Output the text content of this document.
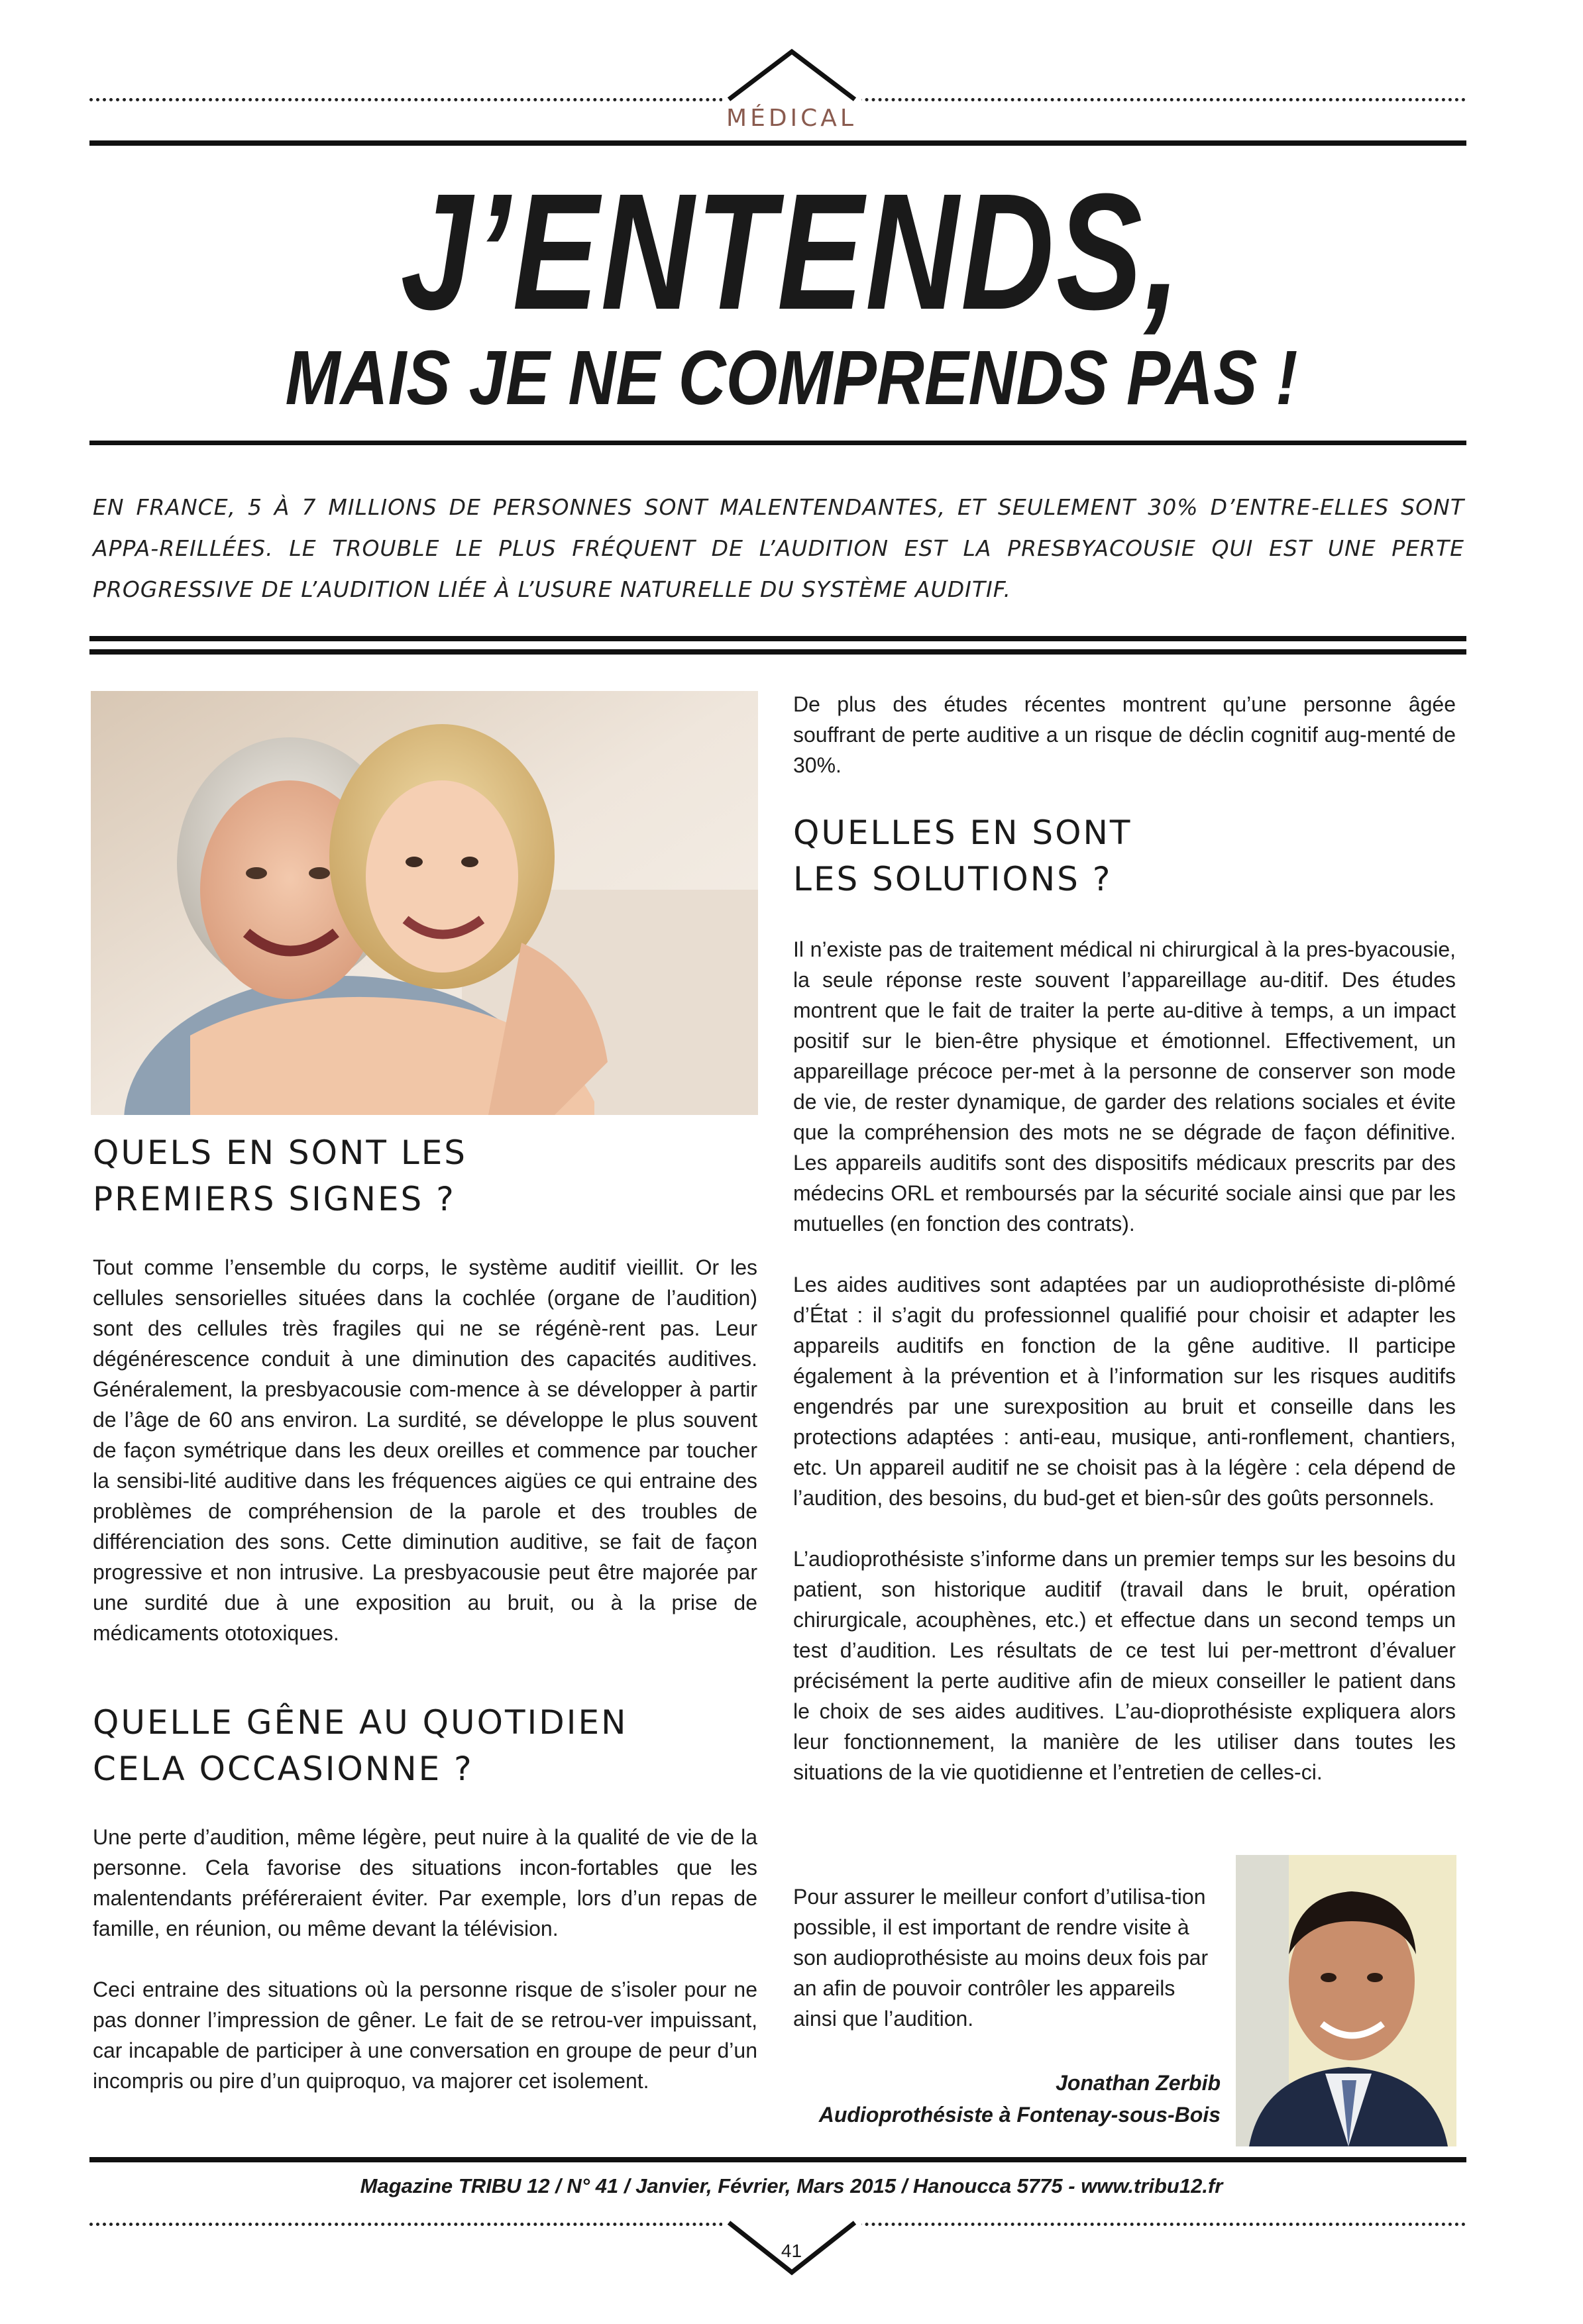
MÉDICAL
J’ENTENDS,
MAIS JE NE COMPRENDS PAS !
EN FRANCE, 5 À 7 MILLIONS DE PERSONNES SONT MALENTENDANTES, ET SEULEMENT 30% D’ENTRE-ELLES SONT APPA-REILLÉES. LE TROUBLE LE PLUS FRÉQUENT DE L’AUDITION EST LA PRESBYACOUSIE QUI EST UNE PERTE PROGRESSIVE DE L’AUDITION LIÉE À L’USURE NATURELLE DU SYSTÈME AUDITIF.
QUELS EN SONT LES
PREMIERS SIGNES ?

Tout comme l’ensemble du corps, le système auditif vieillit. Or les cellules sensorielles situées dans la cochlée (organe de l’audition) sont des cellules très fragiles qui ne se régénè-rent pas. Leur dégénérescence conduit à une diminution des capacités auditives. Généralement, la presbyacousie com-mence à se développer à partir de l’âge de 60 ans environ. La surdité, se développe le plus souvent de façon symétrique dans les deux oreilles et commence par toucher la sensibi-lité auditive dans les fréquences aigües ce qui entraine des problèmes de compréhension de la parole et des troubles de différenciation des sons. Cette diminution auditive, se fait de façon progressive et non intrusive. La presbyacousie peut être majorée par une surdité due à une exposition au bruit, ou à la prise de médicaments ototoxiques.

QUELLE GÊNE AU QUOTIDIEN
CELA OCCASIONNE ?

Une perte d’audition, même légère, peut nuire à la qualité de vie de la personne. Cela favorise des situations incon-fortables que les malentendants préféreraient éviter. Par exemple, lors d’un repas de famille, en réunion, ou même devant la télévision.

Ceci entraine des situations où la personne risque de s’isoler pour ne pas donner l’impression de gêner. Le fait de se retrou-ver impuissant, car incapable de participer à une conversation en groupe de peur d’un incompris ou pire d’un quiproquo, va majorer cet isolement.

De plus des études récentes montrent qu’une personne âgée souffrant de perte auditive a un risque de déclin cognitif aug-menté de 30%.

QUELLES EN SONT
LES SOLUTIONS ?

Il n’existe pas de traitement médical ni chirurgical à la pres-byacousie, la seule réponse reste souvent l’appareillage au-ditif. Des études montrent que le fait de traiter la perte au-ditive à temps, a un impact positif sur le bien-être physique et émotionnel. Effectivement, un appareillage précoce per-met à la personne de conserver son mode de vie, de rester dynamique, de garder des relations sociales et évite que la compréhension des mots ne se dégrade de façon définitive. Les appareils auditifs sont des dispositifs médicaux prescrits par des médecins ORL et remboursés par la sécurité sociale ainsi que par les mutuelles (en fonction des contrats).

Les aides auditives sont adaptées par un audioprothésiste di-plômé d’État : il s’agit du professionnel qualifié pour choisir et adapter les appareils auditifs en fonction de la gêne auditive. Il participe également à la prévention et à l’information sur les risques auditifs engendrés par une surexposition au bruit et conseille dans les protections adaptées : anti-eau, musique, anti-ronflement, chantiers, etc. Un appareil auditif ne se choisit pas à la légère : cela dépend de l’audition, des besoins, du bud-get et bien-sûr des goûts personnels.

L’audioprothésiste s’informe dans un premier temps sur les besoins du patient, son historique auditif (travail dans le bruit, opération chirurgicale, acouphènes, etc.) et effectue dans un second temps un test d’audition. Les résultats de ce test lui per-mettront d’évaluer précisément la perte auditive afin de mieux conseiller le patient dans le choix de ses aides auditives. L’au-dioprothésiste expliquera alors leur fonctionnement, la manière de les utiliser dans toutes les situations de la vie quotidienne et l’entretien de celles-ci.

Pour assurer le meilleur confort d’utilisa-tion possible, il est important de rendre visite à son audioprothésiste au moins deux fois par an afin de pouvoir contrôler les appareils ainsi que l’audition.

Jonathan Zerbib
Audioprothésiste à Fontenay-sous-Bois
Magazine TRIBU 12 / N° 41 / Janvier, Février, Mars 2015 / Hanoucca 5775 - www.tribu12.fr
41
